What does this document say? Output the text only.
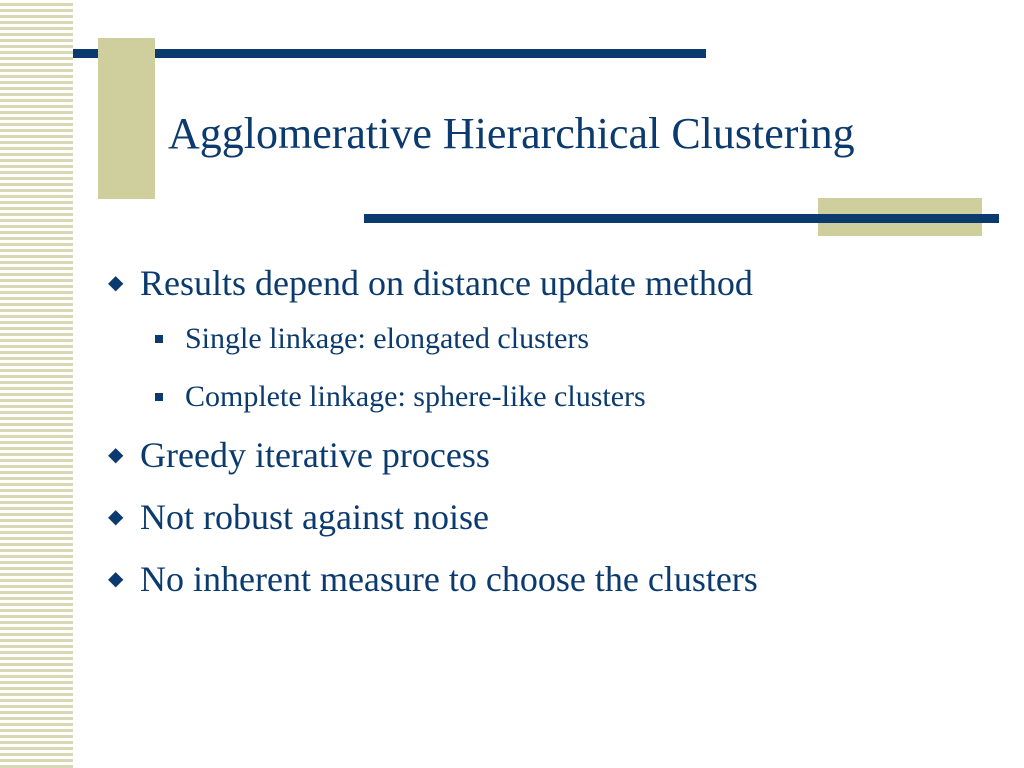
Agglomerative Hierarchical Clustering
◆ Results depend on distance update method
Single linkage: elongated clusters
Complete linkage: sphere-like clusters
◆ Greedy iterative process
◆ Not robust against noise
◆ No inherent measure to choose the clusters
